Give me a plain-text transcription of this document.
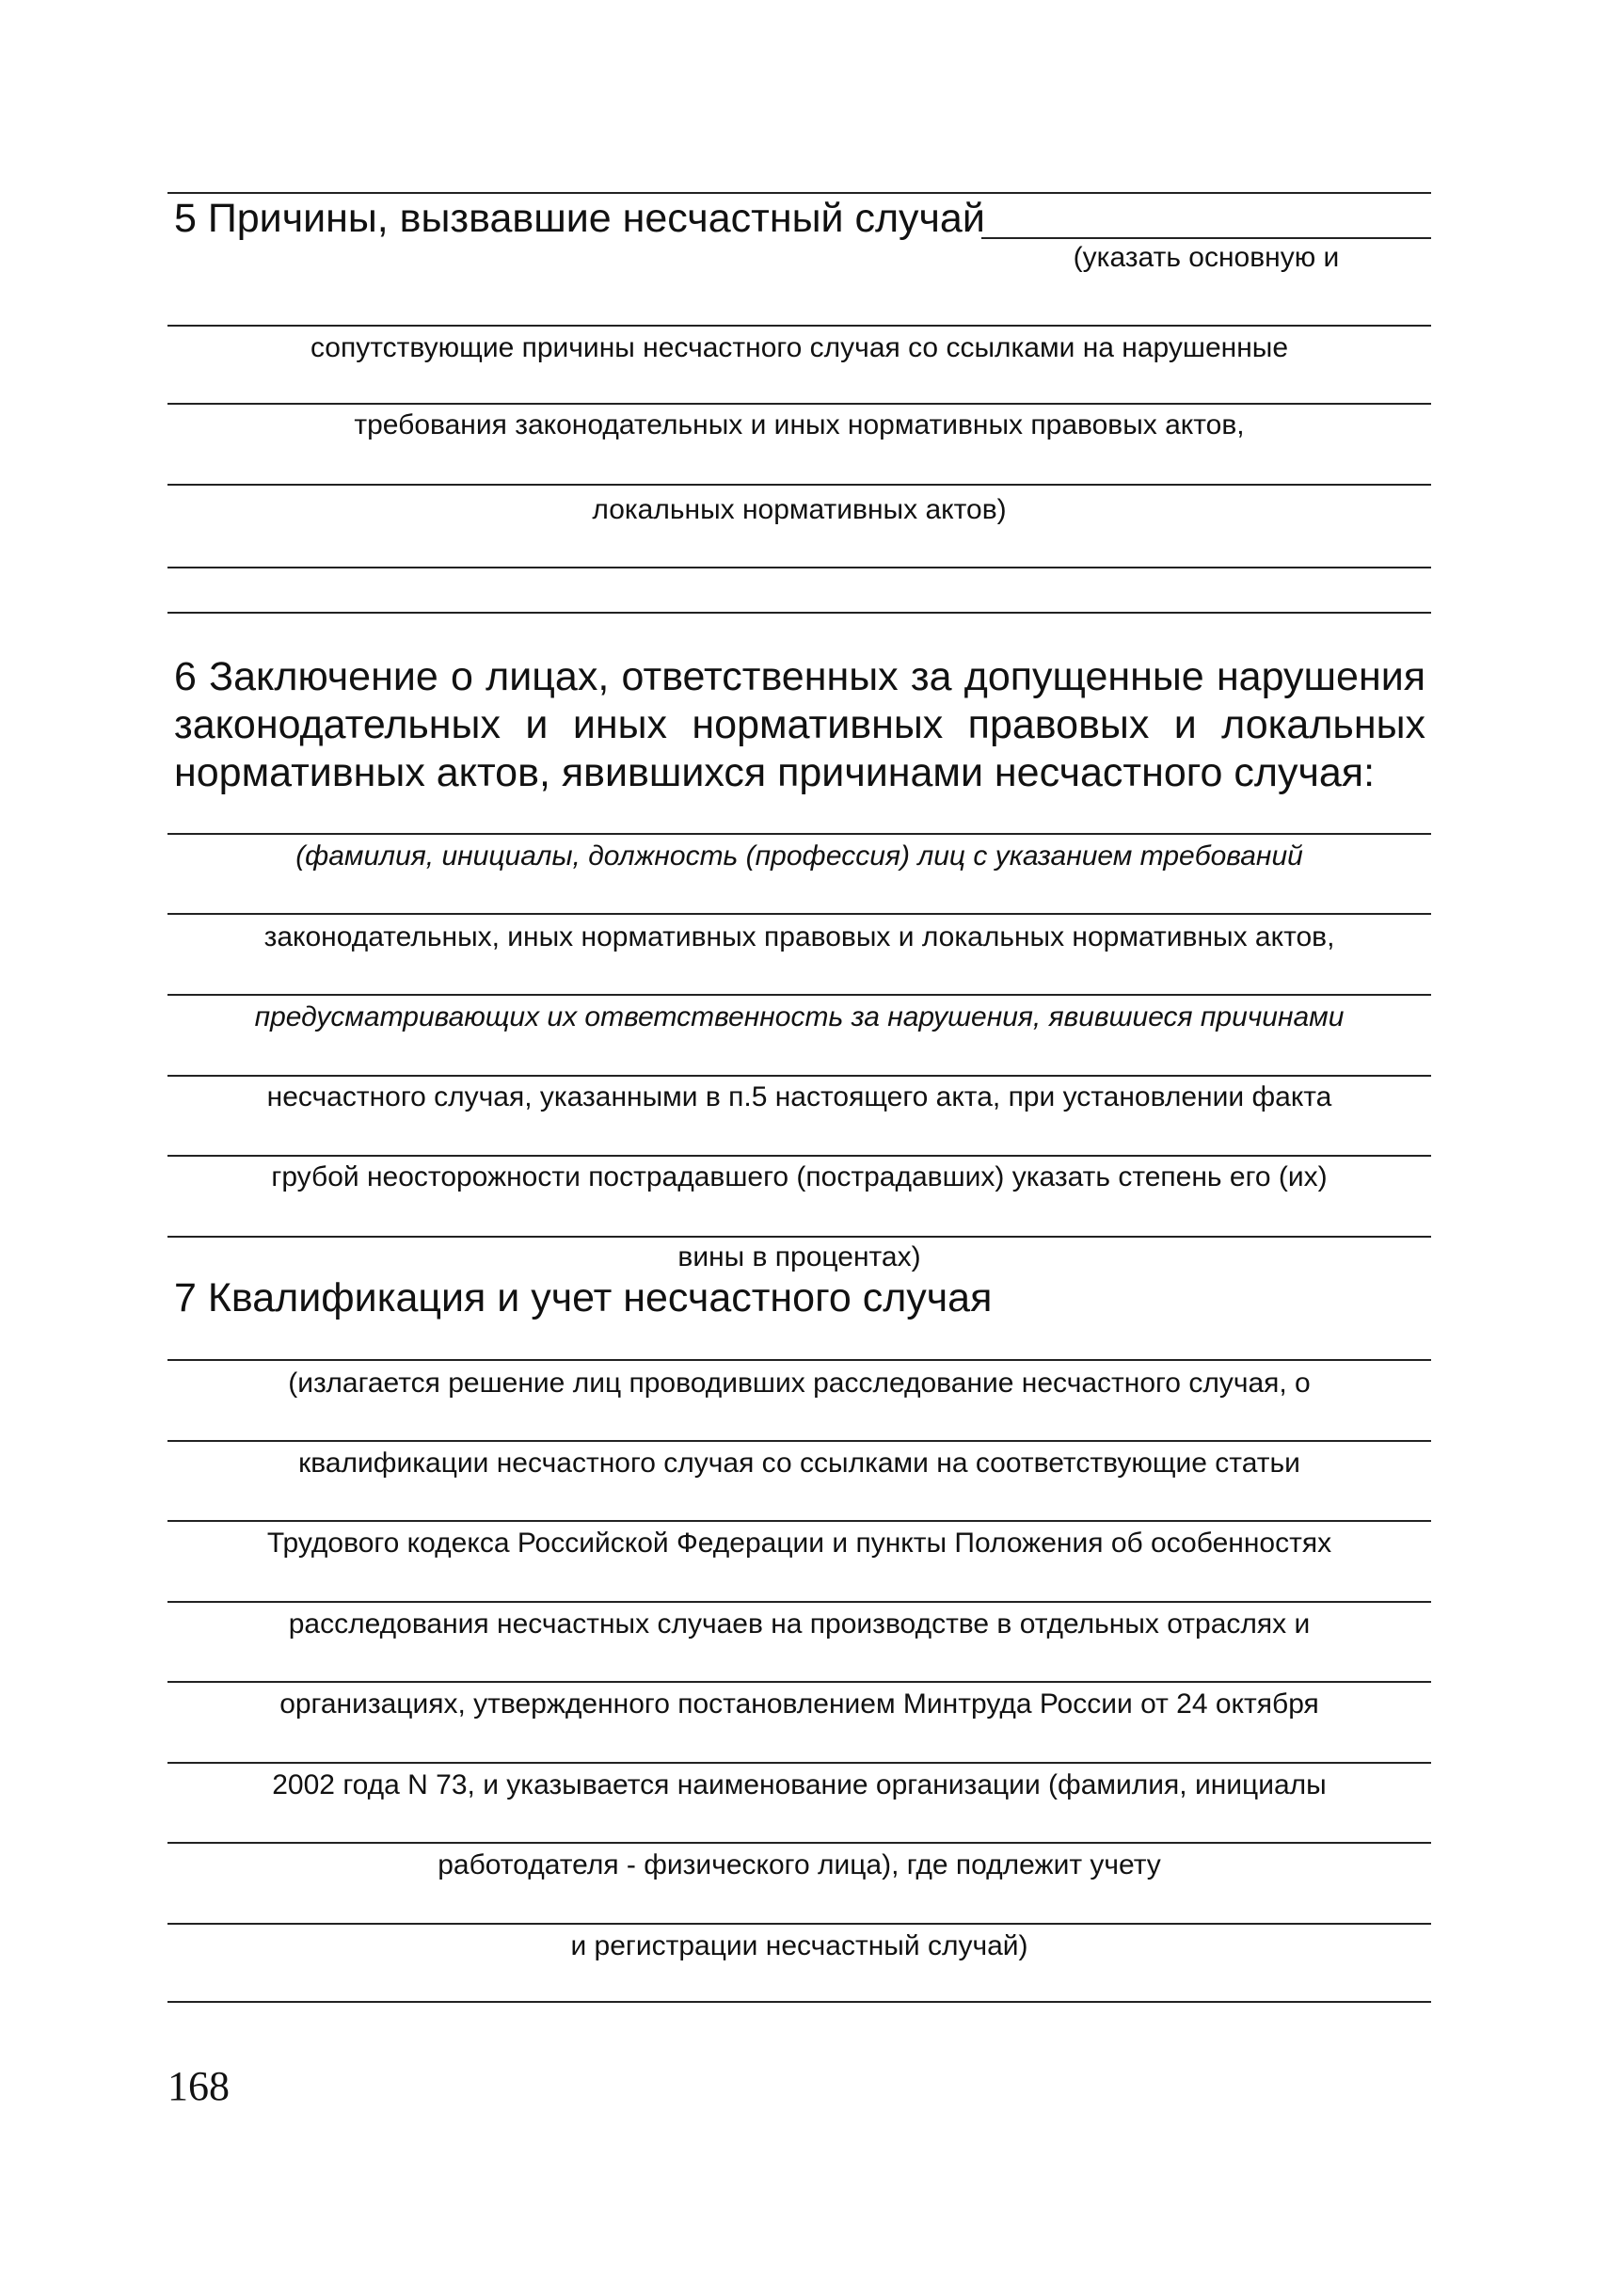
5 Причины, вызвавшие несчастный случай
(указать основную и
сопутствующие причины несчастного случая со ссылками на нарушенные
требования законодательных и иных нормативных правовых актов,
локальных нормативных актов)
6 Заключение о лицах, ответственных за допущенные нарушения законодательных и иных нормативных правовых и локальных нормативных актов, явившихся причинами несчастного случая:
(фамилия, инициалы, должность (профессия) лиц с указанием требований
законодательных, иных нормативных правовых и локальных нормативных актов,
предусматривающих их ответственность за нарушения, явившиеся причинами
несчастного случая, указанными в п.5 настоящего акта, при установлении факта
грубой неосторожности пострадавшего (пострадавших) указать степень его (их)
вины в процентах)
7 Квалификация и учет несчастного случая
(излагается решение лиц проводивших расследование несчастного случая, о
квалификации несчастного случая со ссылками на соответствующие статьи
Трудового кодекса Российской Федерации и пункты Положения об особенностях
расследования несчастных случаев на производстве в отдельных отраслях и
организациях, утвержденного постановлением Минтруда России от 24 октября
2002 года N 73, и указывается наименование организации (фамилия, инициалы
работодателя - физического лица), где подлежит учету
и регистрации несчастный случай)
168
